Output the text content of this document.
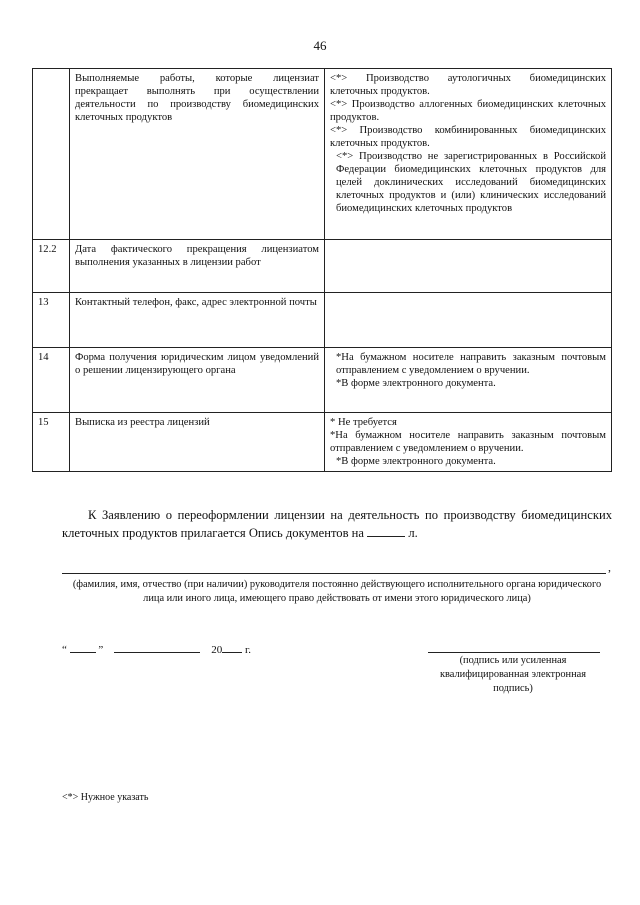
46
	Выполняемые работы, которые лицензиат прекращает выполнять при осуществлении деятельности по производству биомедицинских клеточных продуктов	<*> Производство аутологичных биомедицинских клеточных продуктов.
<*> Производство аллогенных биомедицинских клеточных продуктов.
<*> Производство комбинированных биомедицинских клеточных продуктов.
<*> Производство не зарегистрированных в Российской Федерации биомедицинских клеточных продуктов для целей доклинических исследований биомедицинских клеточных продуктов и (или) клинических исследований биомедицинских клеточных продуктов

12.2	Дата фактического прекращения лицензиатом выполнения указанных в лицензии работ	
13	Контактный телефон, факс, адрес электронной почты	
14	Форма получения юридическим лицом уведомлений о решении лицензирующего органа	*На бумажном носителе направить заказным почтовым отправлением с уведомлением о вручении.
*В форме электронного документа.

15	Выписка из реестра лицензий	* Не требуется
*На бумажном носителе направить заказным почтовым отправлением с уведомлением о вручении.
*В форме электронного документа.
К Заявлению о переоформлении лицензии на деятельность по производству биомедицинских клеточных продуктов прилагается Опись документов на	л.
,
(фамилия, имя, отчество (при наличии) руководителя постоянно действующего исполнительного органа юридического лица или иного лица, имеющего право действовать от имени этого юридического лица)
“	”	20 г.
(подпись или усиленная квалифицированная электронная подпись)
<*> Нужное указать
